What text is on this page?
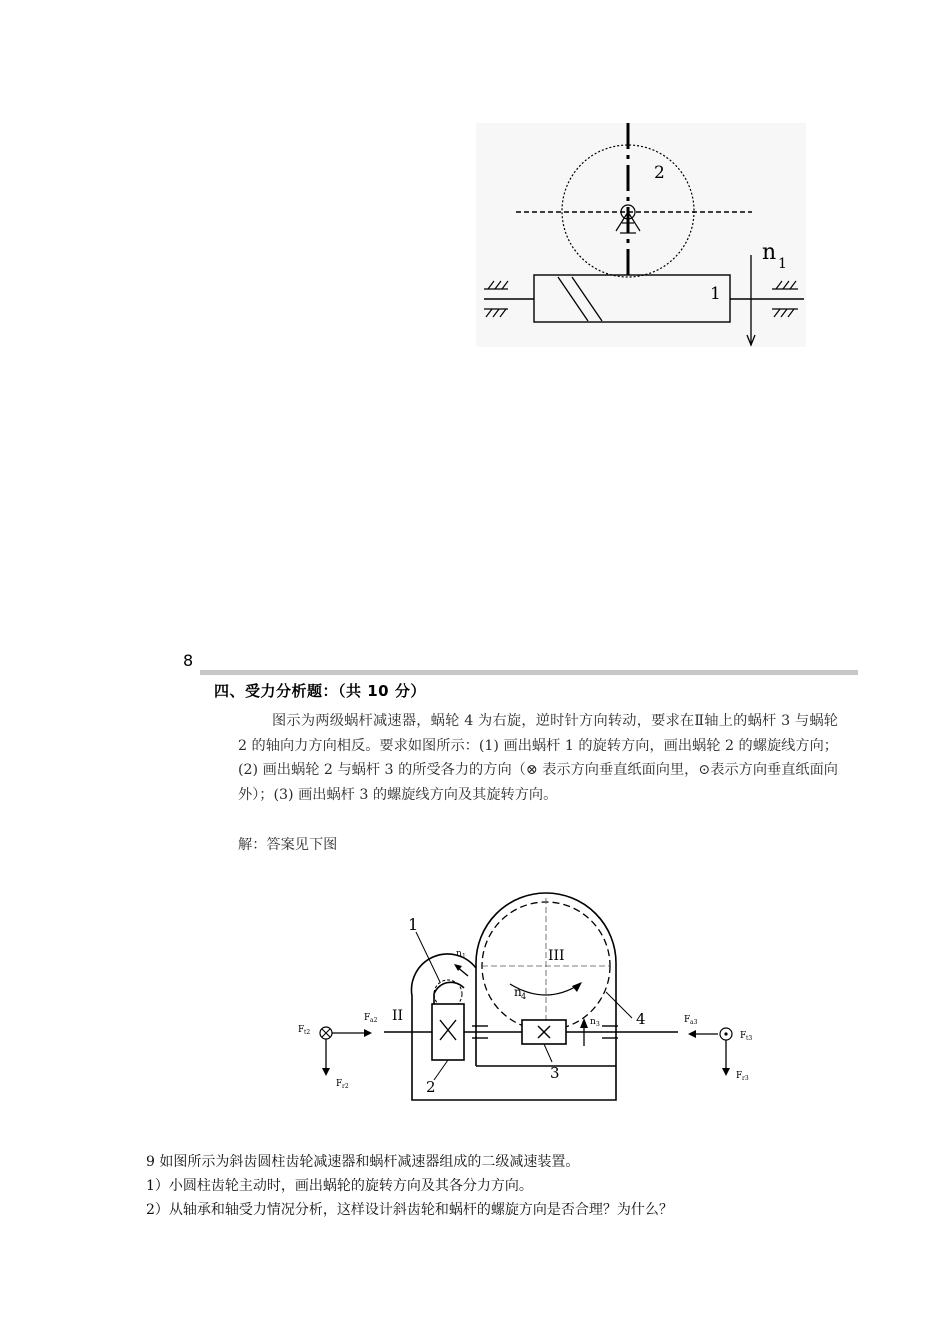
2
1
n 1
8
四、受力分析题：（共 10 分）
图示为两级蜗杆减速器，蜗轮 4 为右旋，逆时针方向转动，要求在Ⅱ轴上的蜗杆 3 与蜗轮 2 的轴向力方向相反。要求如图所示：(1) 画出蜗杆 1 的旋转方向，画出蜗轮 2 的螺旋线方向；(2) 画出蜗轮 2 与蜗杆 3 的所受各力的方向（⊗ 表示方向垂直纸面向里，⊙表示方向垂直纸面向外）；(3) 画出蜗杆 3 的螺旋线方向及其旋转方向。
解：答案见下图
1
n 1
II
III
n 4
n 3 4
2
3
F t2
F a2
F r2
F a3
F t3
F r3
9 如图所示为斜齿圆柱齿轮减速器和蜗杆减速器组成的二级减速装置。
1）小圆柱齿轮主动时，画出蜗轮的旋转方向及其各分力方向。
2）从轴承和轴受力情况分析，这样设计斜齿轮和蜗杆的螺旋方向是否合理？为什么？
